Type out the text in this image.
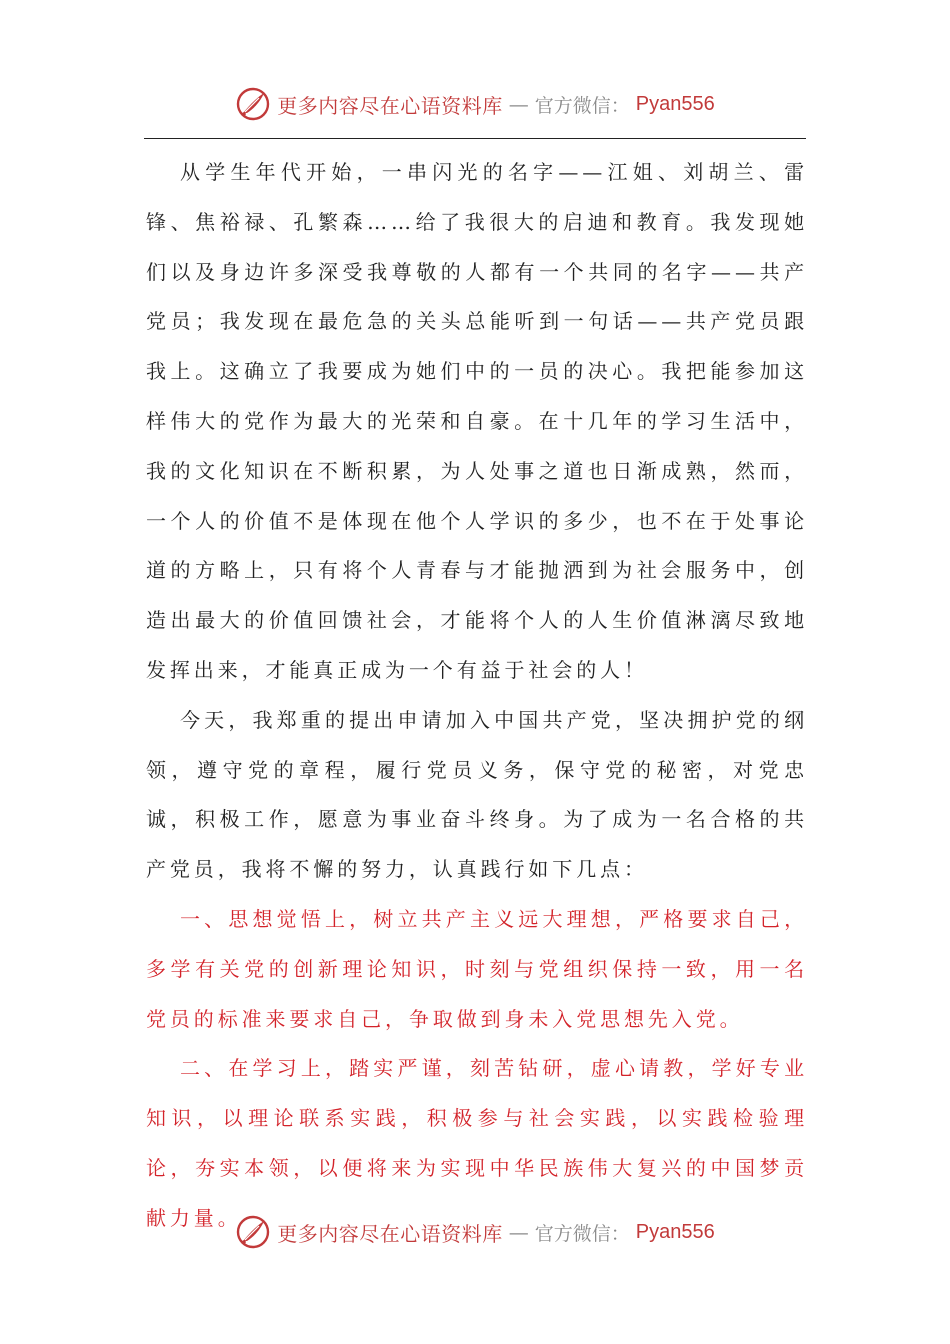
更多内容尽在心语资料库 — 官方微信： Pyan556

从学生年代开始，一串闪光的名字——江姐、刘胡兰、雷锋、焦裕禄、孔繁森……给了我很大的启迪和教育。我发现她们以及身边许多深受我尊敬的人都有一个共同的名字——共产党员；我发现在最危急的关头总能听到一句话——共产党员跟我上。这确立了我要成为她们中的一员的决心。我把能参加这样伟大的党作为最大的光荣和自豪。在十几年的学习生活中，我的文化知识在不断积累，为人处事之道也日渐成熟，然而，一个人的价值不是体现在他个人学识的多少，也不在于处事论道的方略上，只有将个人青春与才能抛洒到为社会服务中，创造出最大的价值回馈社会，才能将个人的人生价值淋漓尽致地发挥出来，才能真正成为一个有益于社会的人！

今天，我郑重的提出申请加入中国共产党，坚决拥护党的纲领，遵守党的章程，履行党员义务，保守党的秘密，对党忠诚，积极工作，愿意为事业奋斗终身。为了成为一名合格的共产党员，我将不懈的努力，认真践行如下几点：

一、思想觉悟上，树立共产主义远大理想，严格要求自己，多学有关党的创新理论知识，时刻与党组织保持一致，用一名党员的标准来要求自己，争取做到身未入党思想先入党。

二、在学习上，踏实严谨，刻苦钻研，虚心请教，学好专业知识，以理论联系实践，积极参与社会实践，以实践检验理论，夯实本领，以便将来为实现中华民族伟大复兴的中国梦贡献力量。

更多内容尽在心语资料库 — 官方微信： Pyan556
